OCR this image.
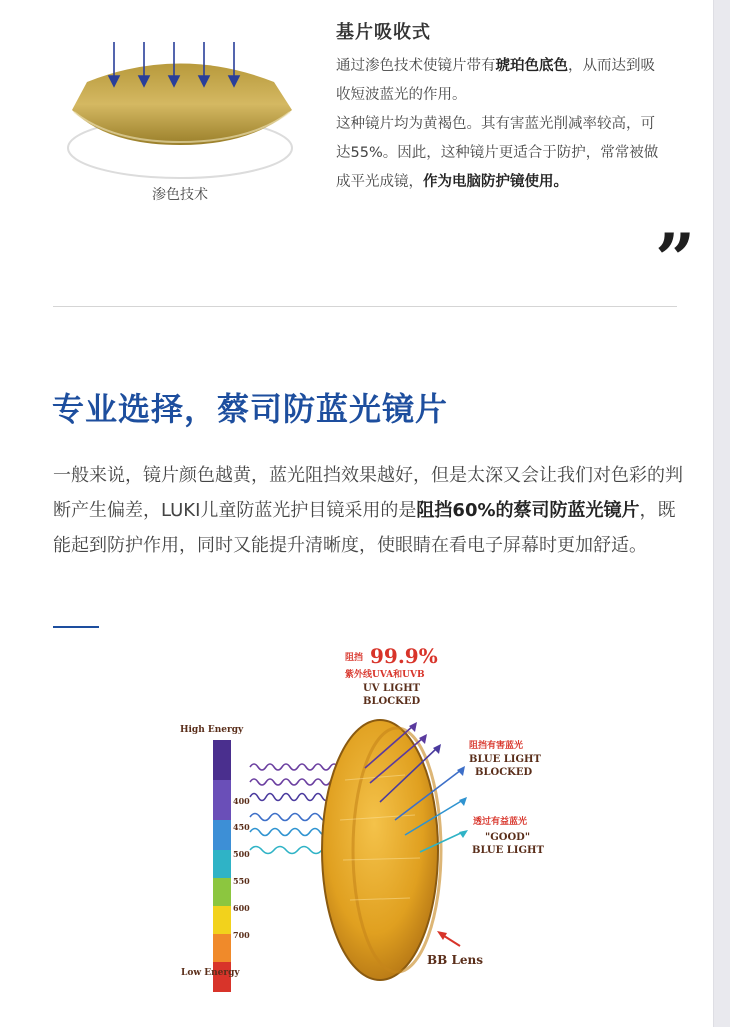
渗色技术
基片吸收式

通过渗色技术使镜片带有琥珀色底色，从而达到吸收短波蓝光的作用。

这种镜片均为黄褐色。其有害蓝光削减率较高，可达55%。因此，这种镜片更适合于防护，常常被做成平光成镜，作为电脑防护镜使用。

”
专业选择，蔡司防蓝光镜片
一般来说，镜片颜色越黄，蓝光阻挡效果越好，但是太深又会让我们对色彩的判断产生偏差，LUKI儿童防蓝光护目镜采用的是阻挡60%的蔡司防蓝光镜片，既能起到防护作用，同时又能提升清晰度，使眼睛在看电子屏幕时更加舒适。
High Energy
Low Energy
400
450
500
550
600
700
阻挡 99.9%
紫外线UVA和UVB
UV LIGHT
BLOCKED
阻挡有害蓝光
BLUE LIGHT
BLOCKED
透过有益蓝光
"GOOD"
BLUE LIGHT
BB Lens
